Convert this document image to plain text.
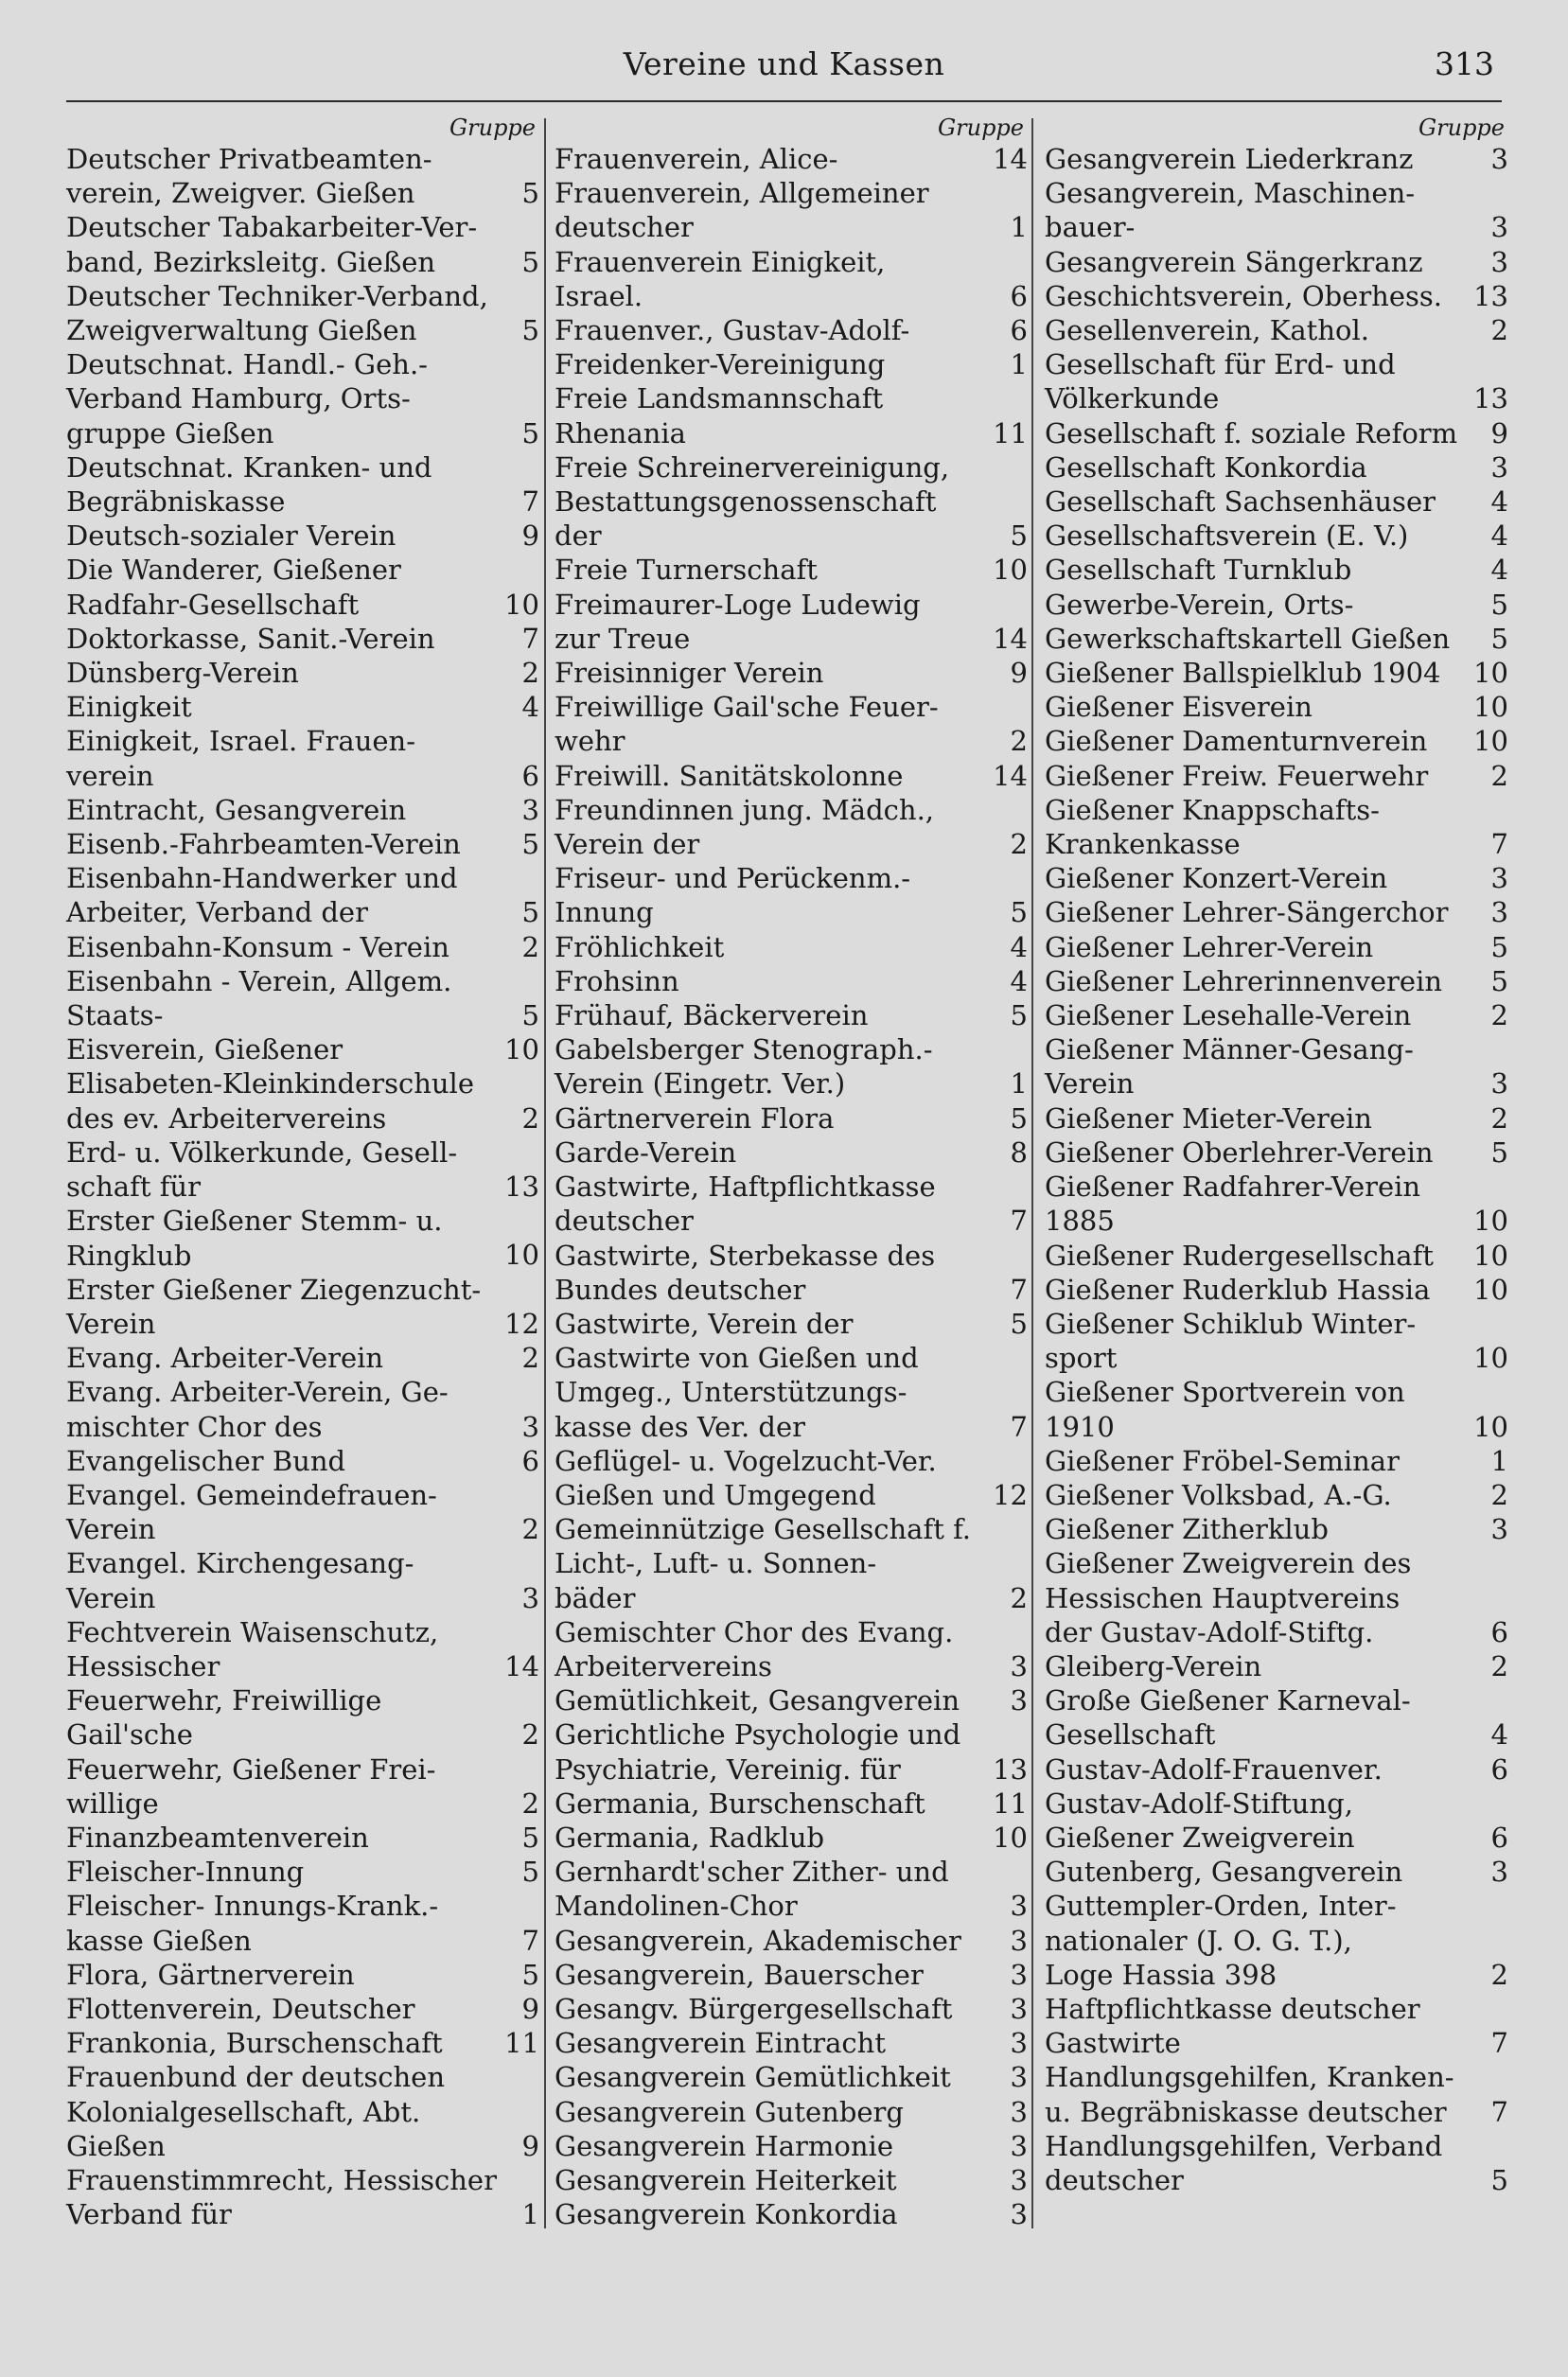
Vereine und Kassen	313
Gruppe
Deutscher Privatbeamten-
verein, Zweigver. Gießen	5
Deutscher Tabakarbeiter-Ver-
band, Bezirksleitg. Gießen	5
Deutscher Techniker-Verband,
Zweigverwaltung Gießen	5
Deutschnat. Handl.- Geh.-
Verband Hamburg, Orts-
gruppe Gießen	5
Deutschnat. Kranken- und
Begräbniskasse	7
Deutsch-sozialer Verein	9
Die Wanderer, Gießener
Radfahr-Gesellschaft	10
Doktorkasse, Sanit.-Verein	7
Dünsberg-Verein	2
Einigkeit	4
Einigkeit, Israel. Frauen-
verein	6
Eintracht, Gesangverein	3
Eisenb.-Fahrbeamten-Verein	5
Eisenbahn-Handwerker und
Arbeiter, Verband der	5
Eisenbahn-Konsum - Verein	2
Eisenbahn - Verein, Allgem.
Staats-	5
Eisverein, Gießener	10
Elisabeten-Kleinkinderschule
des ev. Arbeitervereins	2
Erd- u. Völkerkunde, Gesell-
schaft für	13
Erster Gießener Stemm- u.
Ringklub	10
Erster Gießener Ziegenzucht-
Verein	12
Evang. Arbeiter-Verein	2
Evang. Arbeiter-Verein, Ge-
mischter Chor des	3
Evangelischer Bund	6
Evangel. Gemeindefrauen-
Verein	2
Evangel. Kirchengesang-
Verein	3
Fechtverein Waisenschutz,
Hessischer	14
Feuerwehr, Freiwillige
Gail'sche	2
Feuerwehr, Gießener Frei-
willige	2
Finanzbeamtenverein	5
Fleischer-Innung	5
Fleischer- Innungs-Krank.-
kasse Gießen	7
Flora, Gärtnerverein	5
Flottenverein, Deutscher	9
Frankonia, Burschenschaft	11
Frauenbund der deutschen
Kolonialgesellschaft, Abt.
Gießen	9
Frauenstimmrecht, Hessischer
Verband für	1
Gruppe
Frauenverein, Alice-	14
Frauenverein, Allgemeiner
deutscher	1
Frauenverein Einigkeit,
Israel.	6
Frauenver., Gustav-Adolf-	6
Freidenker-Vereinigung	1
Freie Landsmannschaft
Rhenania	11
Freie Schreinervereinigung,
Bestattungsgenossenschaft
der	5
Freie Turnerschaft	10
Freimaurer-Loge Ludewig
zur Treue	14
Freisinniger Verein	9
Freiwillige Gail'sche Feuer-
wehr	2
Freiwill. Sanitätskolonne	14
Freundinnen jung. Mädch.,
Verein der	2
Friseur- und Perückenm.-
Innung	5
Fröhlichkeit	4
Frohsinn	4
Frühauf, Bäckerverein	5
Gabelsberger Stenograph.-
Verein (Eingetr. Ver.)	1
Gärtnerverein Flora	5
Garde-Verein	8
Gastwirte, Haftpflichtkasse
deutscher	7
Gastwirte, Sterbekasse des
Bundes deutscher	7
Gastwirte, Verein der	5
Gastwirte von Gießen und
Umgeg., Unterstützungs-
kasse des Ver. der	7
Geflügel- u. Vogelzucht-Ver.
Gießen und Umgegend	12
Gemeinnützige Gesellschaft f.
Licht-, Luft- u. Sonnen-
bäder	2
Gemischter Chor des Evang.
Arbeitervereins	3
Gemütlichkeit, Gesangverein	3
Gerichtliche Psychologie und
Psychiatrie, Vereinig. für	13
Germania, Burschenschaft	11
Germania, Radklub	10
Gernhardt'scher Zither- und
Mandolinen-Chor	3
Gesangverein, Akademischer	3
Gesangverein, Bauerscher	3
Gesangv. Bürgergesellschaft	3
Gesangverein Eintracht	3
Gesangverein Gemütlichkeit	3
Gesangverein Gutenberg	3
Gesangverein Harmonie	3
Gesangverein Heiterkeit	3
Gesangverein Konkordia	3
Gruppe
Gesangverein Liederkranz	3
Gesangverein, Maschinen-
bauer-	3
Gesangverein Sängerkranz	3
Geschichtsverein, Oberhess.	13
Gesellenverein, Kathol.	2
Gesellschaft für Erd- und
Völkerkunde	13
Gesellschaft f. soziale Reform	9
Gesellschaft Konkordia	3
Gesellschaft Sachsenhäuser	4
Gesellschaftsverein (E. V.)	4
Gesellschaft Turnklub	4
Gewerbe-Verein, Orts-	5
Gewerkschaftskartell Gießen	5
Gießener Ballspielklub 1904	10
Gießener Eisverein	10
Gießener Damenturnverein	10
Gießener Freiw. Feuerwehr	2
Gießener Knappschafts-
Krankenkasse	7
Gießener Konzert-Verein	3
Gießener Lehrer-Sängerchor	3
Gießener Lehrer-Verein	5
Gießener Lehrerinnenverein	5
Gießener Lesehalle-Verein	2
Gießener Männer-Gesang-
Verein	3
Gießener Mieter-Verein	2
Gießener Oberlehrer-Verein	5
Gießener Radfahrer-Verein
1885	10
Gießener Rudergesellschaft	10
Gießener Ruderklub Hassia	10
Gießener Schiklub Winter-
sport	10
Gießener Sportverein von
1910	10
Gießener Fröbel-Seminar	1
Gießener Volksbad, A.-G.	2
Gießener Zitherklub	3
Gießener Zweigverein des
Hessischen Hauptvereins
der Gustav-Adolf-Stiftg.	6
Gleiberg-Verein	2
Große Gießener Karneval-
Gesellschaft	4
Gustav-Adolf-Frauenver.	6
Gustav-Adolf-Stiftung,
Gießener Zweigverein	6
Gutenberg, Gesangverein	3
Guttempler-Orden, Inter-
nationaler (J. O. G. T.),
Loge Hassia 398	2
Haftpflichtkasse deutscher
Gastwirte	7
Handlungsgehilfen, Kranken-
u. Begräbniskasse deutscher	7
Handlungsgehilfen, Verband
deutscher	5
